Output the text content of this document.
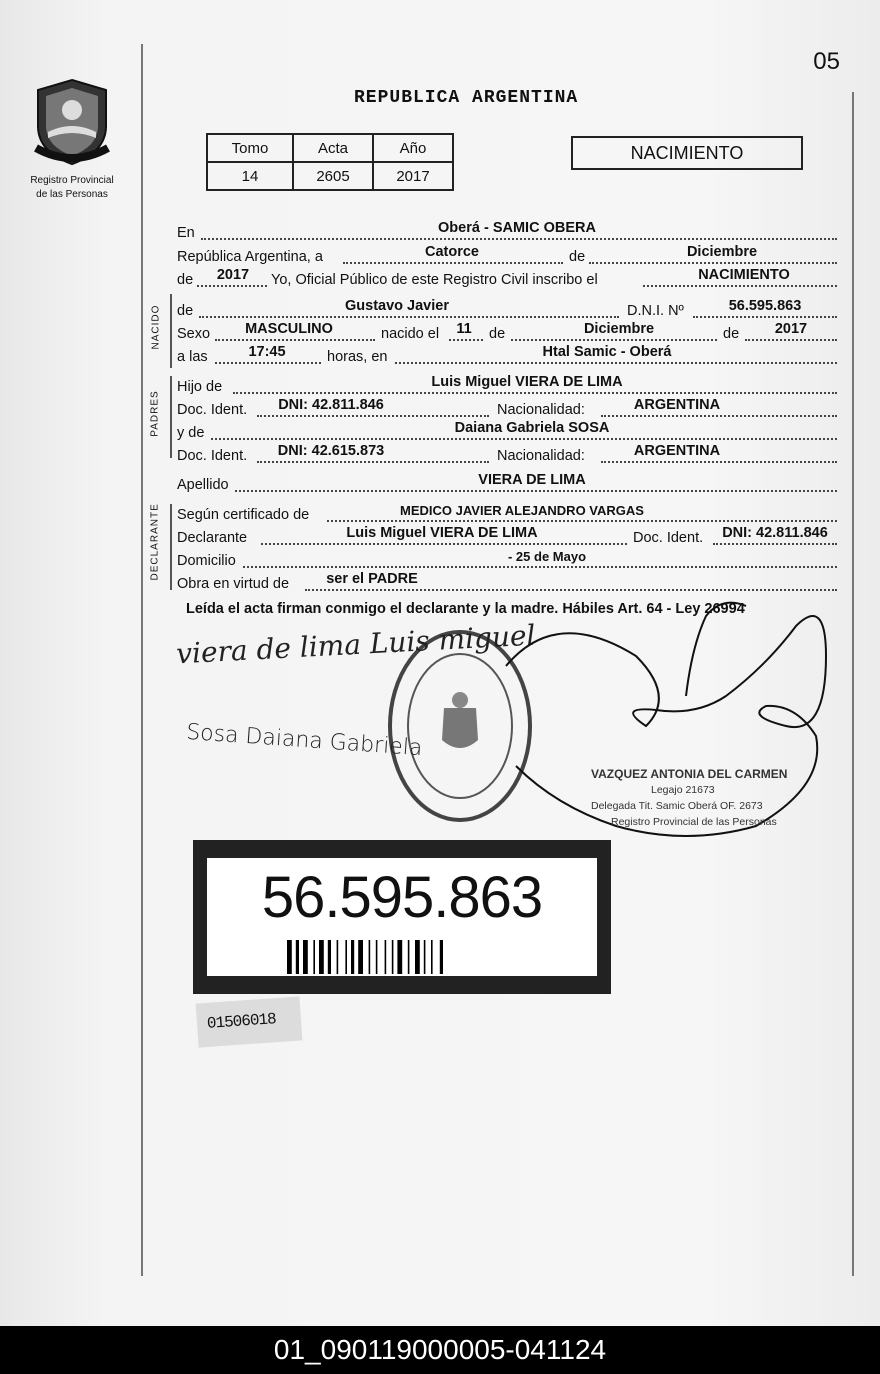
05
Registro Provincial
de las Personas
REPUBLICA ARGENTINA
Tomo	Acta	Año
14	2605	2017
NACIMIENTO
En	Oberá - SAMIC OBERA
República Argentina, a	Catorce	de	Diciembre
de	2017	Yo, Oficial Público de este Registro Civil inscribo el	NACIMIENTO
NACIDO de	Gustavo Javier	D.N.I. Nº	56.595.863
Sexo	MASCULINO	nacido el	11	de	Diciembre	de	2017
a las	17:45	horas, en	Htal Samic - Oberá
PADRES
Hijo de	Luis Miguel VIERA DE LIMA
Doc. Ident.	DNI: 42.811.846	Nacionalidad:	ARGENTINA
y de	Daiana Gabriela SOSA
Doc. Ident.	DNI: 42.615.873	Nacionalidad:	ARGENTINA
Apellido	VIERA DE LIMA
DECLARANTE Según certificado de	MEDICO JAVIER ALEJANDRO VARGAS
Declarante	Luis Miguel VIERA DE LIMA	Doc. Ident.	DNI: 42.811.846
Domicilio	- 25 de Mayo
Obra en virtud de	ser el PADRE
Leída el acta firman conmigo el declarante y la madre. Hábiles Art. 64 - Ley 26994
viera de lima Luis miguel
Sosa Daiana Gabriela
VAZQUEZ ANTONIA DEL CARMEN
Legajo 21673
Delegada Tit. Samic Oberá OF. 2673
Registro Provincial de las Personas
56.595.863
01506018
01_090119000005-041124
